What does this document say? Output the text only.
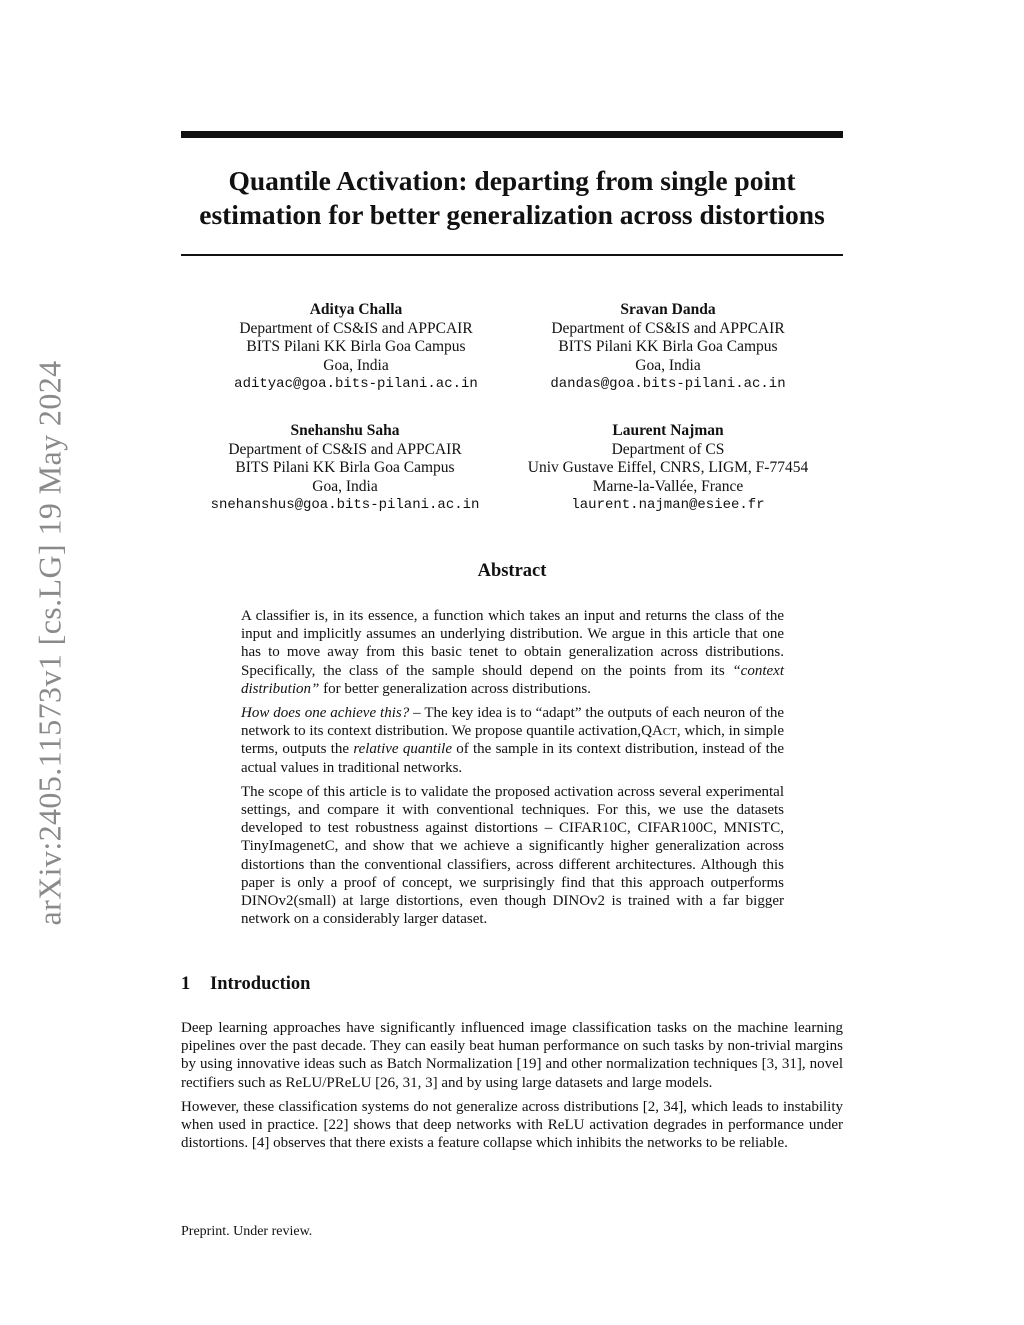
arXiv:2405.11573v1 [cs.LG] 19 May 2024
Quantile Activation: departing from single point
estimation for better generalization across distortions
Aditya Challa
Department of CS&IS and APPCAIR
BITS Pilani KK Birla Goa Campus
Goa, India
adityac@goa.bits-pilani.ac.in
Sravan Danda
Department of CS&IS and APPCAIR
BITS Pilani KK Birla Goa Campus
Goa, India
dandas@goa.bits-pilani.ac.in
Snehanshu Saha
Department of CS&IS and APPCAIR
BITS Pilani KK Birla Goa Campus
Goa, India
snehanshus@goa.bits-pilani.ac.in
Laurent Najman
Department of CS
Univ Gustave Eiffel, CNRS, LIGM, F-77454
Marne-la-Vallée, France
laurent.najman@esiee.fr
Abstract

A classifier is, in its essence, a function which takes an input and returns the class of the input and implicitly assumes an underlying distribution. We argue in this article that one has to move away from this basic tenet to obtain generalization across distributions. Specifically, the class of the sample should depend on the points from its “context distribution” for better generalization across distributions.

How does one achieve this? – The key idea is to “adapt” the outputs of each neuron of the network to its context distribution. We propose quantile activation,QAct, which, in simple terms, outputs the relative quantile of the sample in its context distribution, instead of the actual values in traditional networks.

The scope of this article is to validate the proposed activation across several experimental settings, and compare it with conventional techniques. For this, we use the datasets developed to test robustness against distortions – CIFAR10C, CIFAR100C, MNISTC, TinyImagenetC, and show that we achieve a significantly higher generalization across distortions than the conventional classifiers, across different architectures. Although this paper is only a proof of concept, we surprisingly find that this approach outperforms DINOv2(small) at large distortions, even though DINOv2 is trained with a far bigger network on a considerably larger dataset.

1 Introduction

Deep learning approaches have significantly influenced image classification tasks on the machine learning pipelines over the past decade. They can easily beat human performance on such tasks by non-trivial margins by using innovative ideas such as Batch Normalization [19] and other normalization techniques [3, 31], novel rectifiers such as ReLU/PReLU [26, 31, 3] and by using large datasets and large models.

However, these classification systems do not generalize across distributions [2, 34], which leads to instability when used in practice. [22] shows that deep networks with ReLU activation degrades in performance under distortions. [4] observes that there exists a feature collapse which inhibits the networks to be reliable.

Preprint. Under review.
